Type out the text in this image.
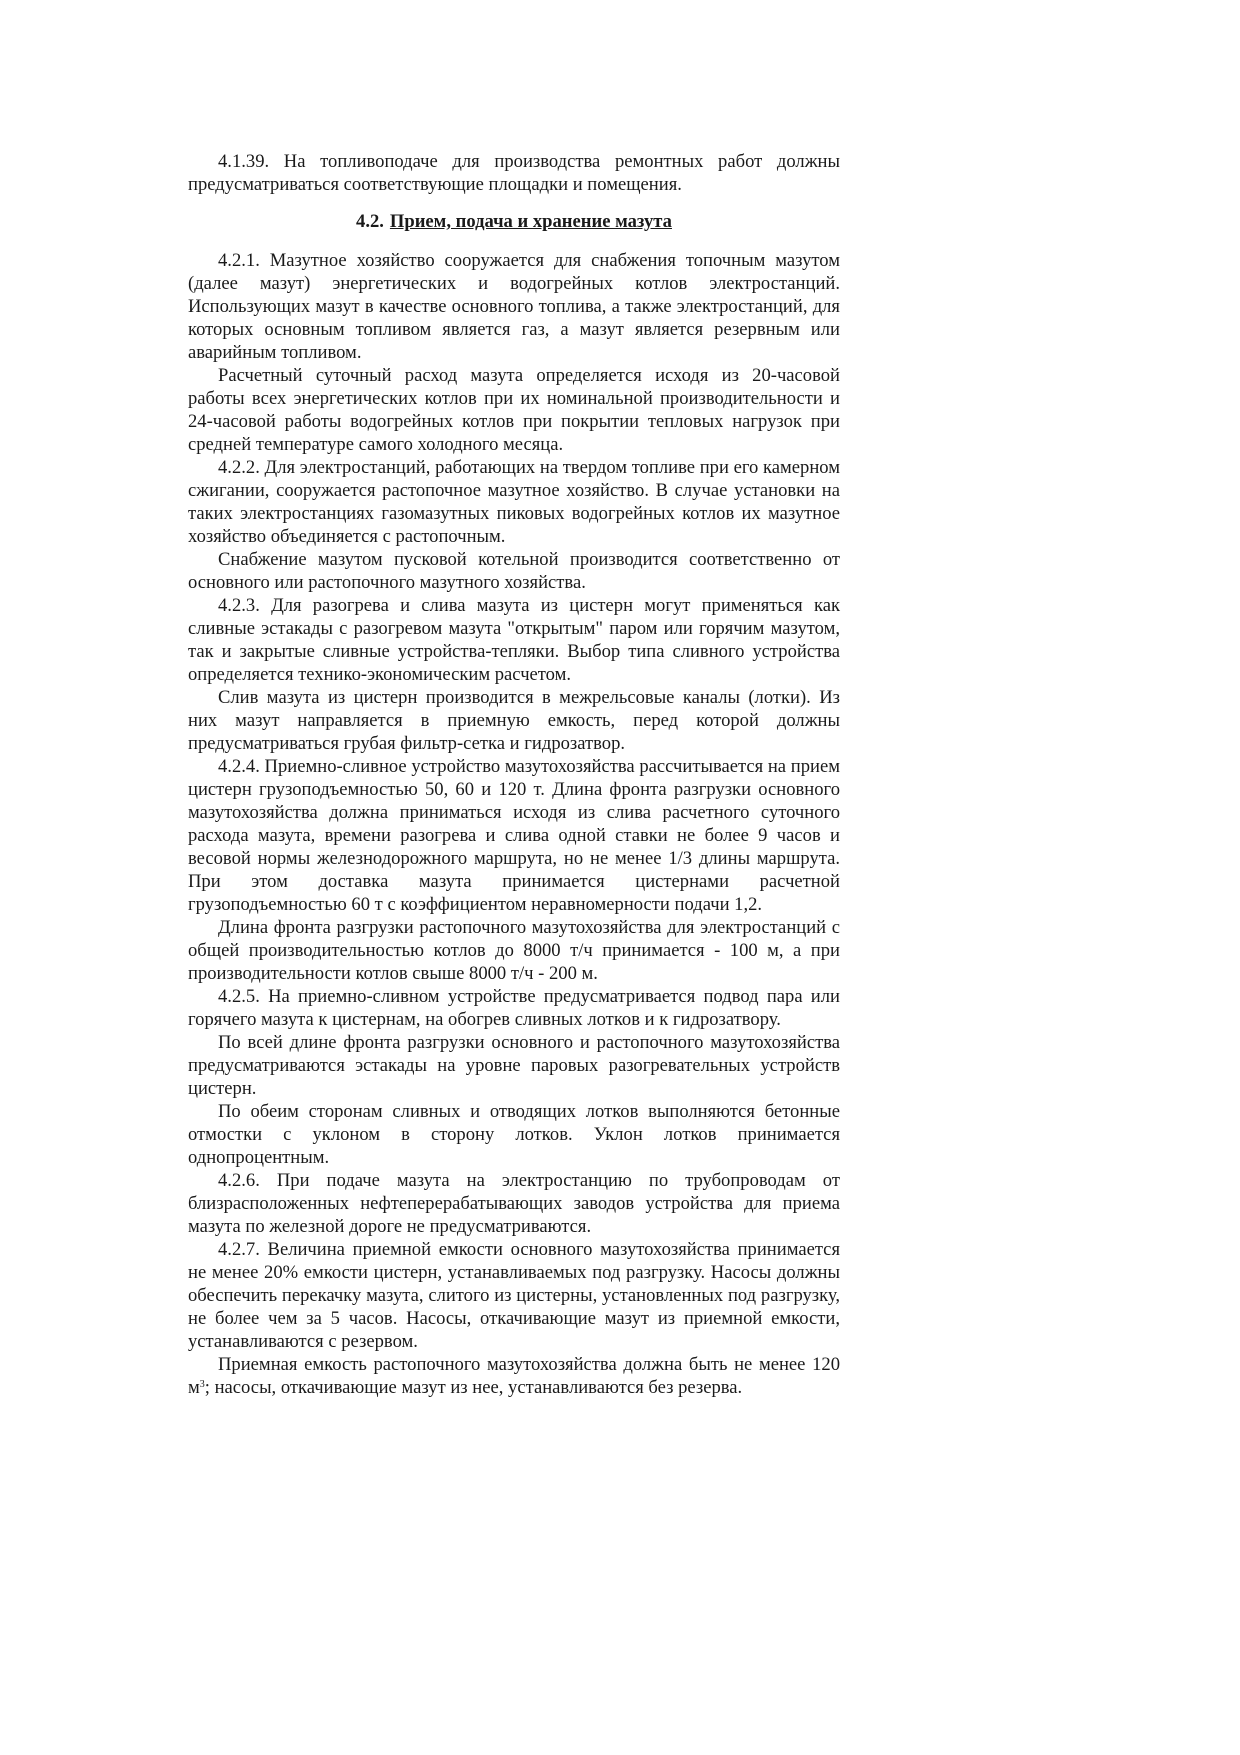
4.1.39. На топливоподаче для производства ремонтных работ должны предусматриваться соответствующие площадки и помещения.

4.2. Прием, подача и хранение мазута

4.2.1. Мазутное хозяйство сооружается для снабжения топочным мазутом (далее мазут) энергетических и водогрейных котлов электростанций. Использующих мазут в качестве основного топлива, а также электростанций, для которых основным топливом является газ, а мазут является резервным или аварийным топливом.

Расчетный суточный расход мазута определяется исходя из 20-часовой работы всех энергетических котлов при их номинальной производительности и 24-часовой работы водогрейных котлов при покрытии тепловых нагрузок при средней температуре самого холодного месяца.

4.2.2. Для электростанций, работающих на твердом топливе при его камерном сжигании, сооружается растопочное мазутное хозяйство. В случае установки на таких электростанциях газомазутных пиковых водогрейных котлов их мазутное хозяйство объединяется с растопочным.

Снабжение мазутом пусковой котельной производится соответственно от основного или растопочного мазутного хозяйства.

4.2.3. Для разогрева и слива мазута из цистерн могут применяться как сливные эстакады с разогревом мазута "открытым" паром или горячим мазутом, так и закрытые сливные устройства-тепляки. Выбор типа сливного устройства определяется технико-экономическим расчетом.

Слив мазута из цистерн производится в межрельсовые каналы (лотки). Из них мазут направляется в приемную емкость, перед которой должны предусматриваться грубая фильтр-сетка и гидрозатвор.

4.2.4. Приемно-сливное устройство мазутохозяйства рассчитывается на прием цистерн грузоподъемностью 50, 60 и 120 т. Длина фронта разгрузки основного мазутохозяйства должна приниматься исходя из слива расчетного суточного расхода мазута, времени разогрева и слива одной ставки не более 9 часов и весовой нормы железнодорожного маршрута, но не менее 1/3 длины маршрута. При этом доставка мазута принимается цистернами расчетной грузоподъемностью 60 т с коэффициентом неравномерности подачи 1,2.

Длина фронта разгрузки растопочного мазутохозяйства для электростанций с общей производительностью котлов до 8000 т/ч принимается - 100 м, а при производительности котлов свыше 8000 т/ч - 200 м.

4.2.5. На приемно-сливном устройстве предусматривается подвод пара или горячего мазута к цистернам, на обогрев сливных лотков и к гидрозатвору.

По всей длине фронта разгрузки основного и растопочного мазутохозяйства предусматриваются эстакады на уровне паровых разогревательных устройств цистерн.

По обеим сторонам сливных и отводящих лотков выполняются бетонные отмостки с уклоном в сторону лотков. Уклон лотков принимается однопроцентным.

4.2.6. При подаче мазута на электростанцию по трубопроводам от близрасположенных нефтеперерабатывающих заводов устройства для приема мазута по железной дороге не предусматриваются.

4.2.7. Величина приемной емкости основного мазутохозяйства принимается не менее 20% емкости цистерн, устанавливаемых под разгрузку. Насосы должны обеспечить перекачку мазута, слитого из цистерны, установленных под разгрузку, не более чем за 5 часов. Насосы, откачивающие мазут из приемной емкости, устанавливаются с резервом.

Приемная емкость растопочного мазутохозяйства должна быть не менее 120 $м^3$; насосы, откачивающие мазут из нее, устанавливаются без резерва.
